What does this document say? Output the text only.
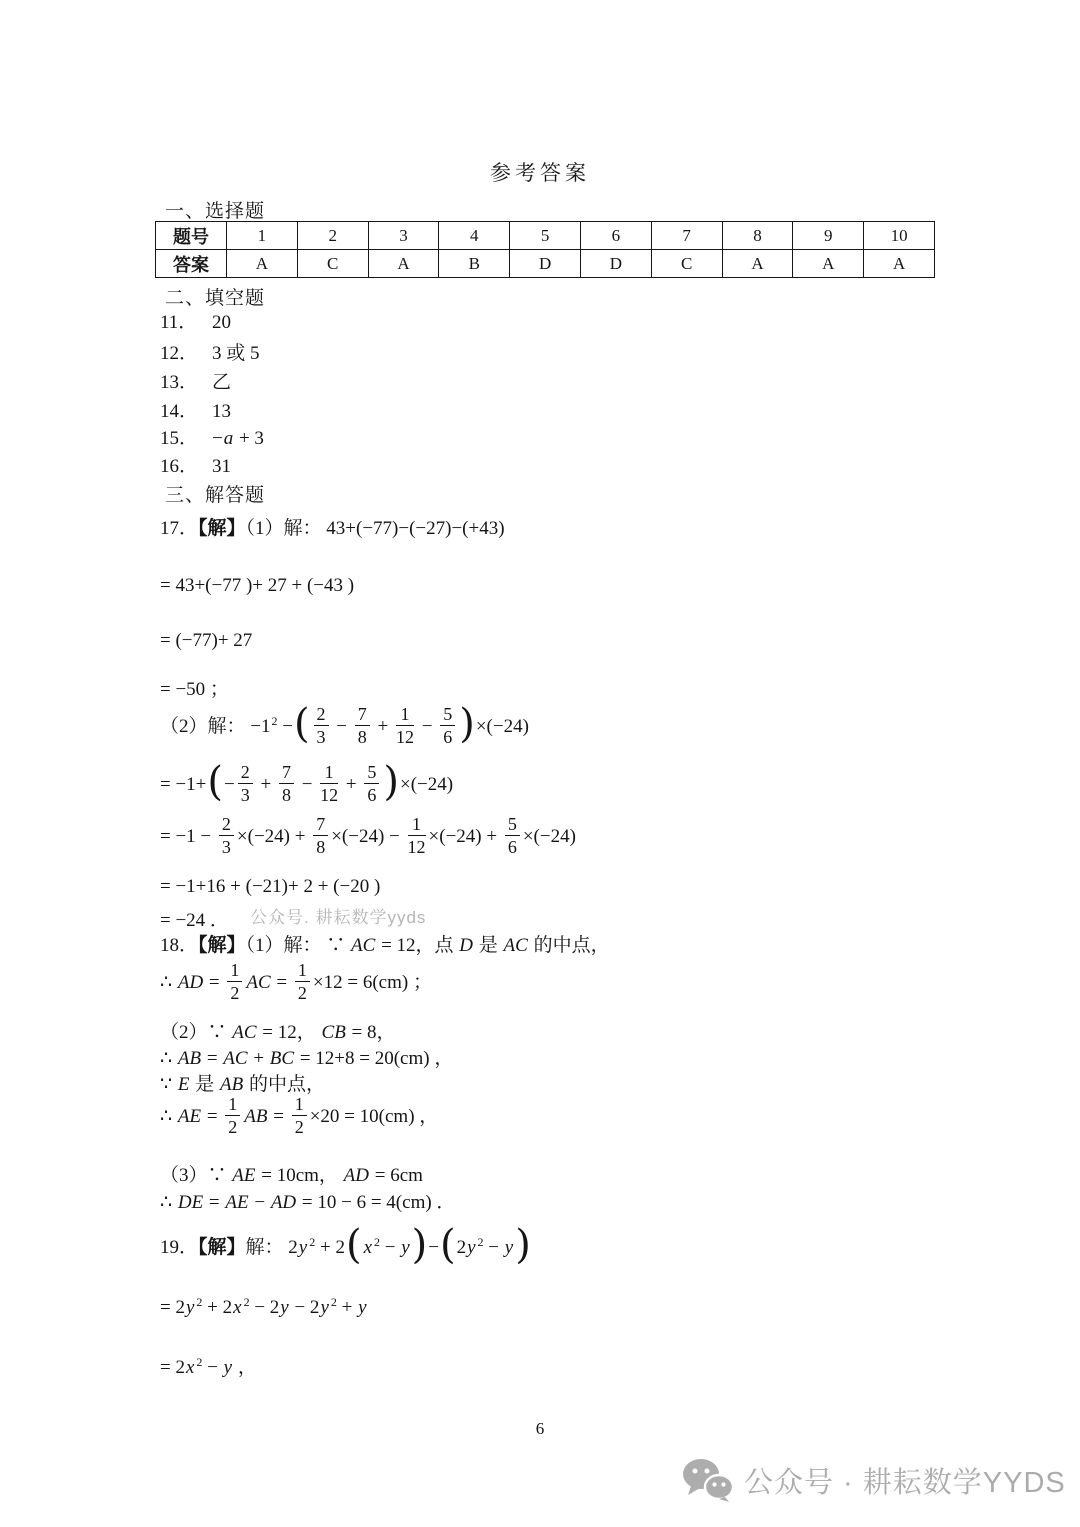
参考答案
一、选择题
题号	1	2	3	4	5	6	7	8	9	10
答案	A	C	A	B	D	D	C	A	A	A
二、填空题
11． 20
12． 3 或 5
13． 乙
14． 13
15． −a + 3
16． 31
三、解答题
17．【解】（1）解： 43+(−77)−(−27)−(+43)
= 43+(−77 )+ 27 + (−43 )
= (−77)+ 27
= −50 ；
（2）解： $-1^2$ −( $\frac{2}{3} - \frac{7}{8} + \frac{1}{12} - \frac{5}{6} )\times(-24)$
= $-1+(- \frac{2}{3} + \frac{7}{8} - \frac{1}{12} + \frac{5}{6} )\times(-24)$
= $-1 - \frac{2}{3} \times(-24) + \frac{7}{8} \times(-24) - \frac{1}{12} \times(-24) + \frac{5}{6} \times(-24)$
= −1+16 + (−21)+ 2 + (−20 )
= −24 ．
18．【解】（1）解： ∵ AC = 12，点 D 是 AC 的中点，
∴ AD = $\frac{1}{2}$ AC = $\frac{1}{2} \times 12 = 6(cm)$ ；
（2）∵ AC = 12， CB = 8，
∴ AB = AC + BC = 12+8 = 20(cm) ，
∵ E 是 AB 的中点，
∴ AE = $\frac{1}{2}$ AB = $\frac{1}{2} \times 20 = 10(cm)$ ，
（3）∵ AE = 10cm， AD = 6cm
∴ DE = AE − AD = 10 − 6 = 4(cm) ．
19．【解】解： 2y $^2$ + 2( x $^2$ − y)−(2y $^2$ − y)
= 2y $^2$ + 2x $^2$ − 2y − 2y $^2$ + y
= 2x $^2$ − y ，
公众号. 耕耘数学yyds
6
公众号 · 耕耘数学YYDS
